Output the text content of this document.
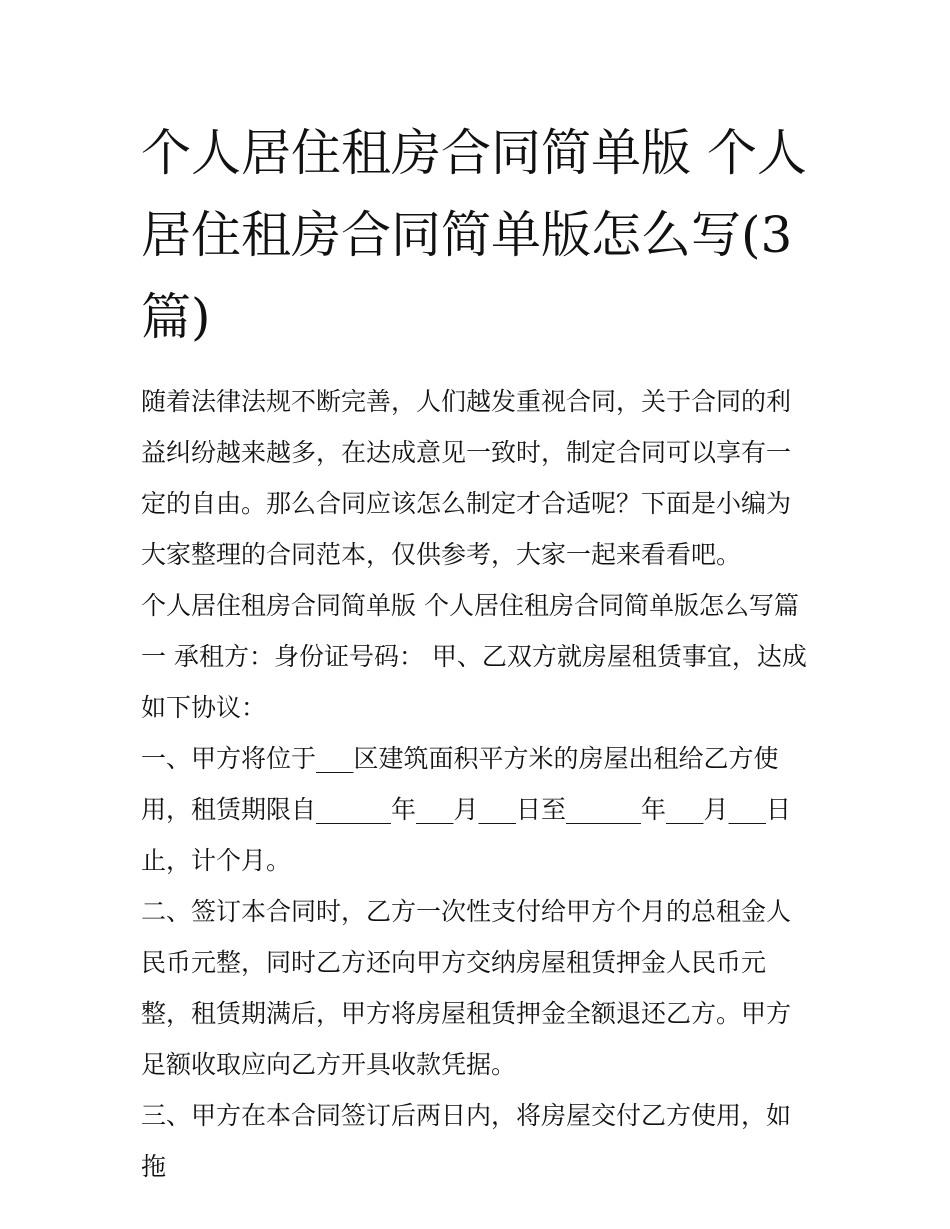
个人居住租房合同简单版 个人居住租房合同简单版怎么写(3篇)

随着法律法规不断完善，人们越发重视合同，关于合同的利益纠纷越来越多，在达成意见一致时，制定合同可以享有一定的自由。那么合同应该怎么制定才合适呢？下面是小编为大家整理的合同范本，仅供参考，大家一起来看看吧。

个人居住租房合同简单版 个人居住租房合同简单版怎么写篇一 承租方：身份证号码： 甲、乙双方就房屋租赁事宜，达成如下协议：

一、甲方将位于___区建筑面积平方米的房屋出租给乙方使用，租赁期限自______年___月___日至______年___月___日止，计个月。

二、签订本合同时，乙方一次性支付给甲方个月的总租金人民币元整，同时乙方还向甲方交纳房屋租赁押金人民币元整，租赁期满后，甲方将房屋租赁押金全额退还乙方。甲方足额收取应向乙方开具收款凭据。

三、甲方在本合同签订后两日内，将房屋交付乙方使用，如拖
